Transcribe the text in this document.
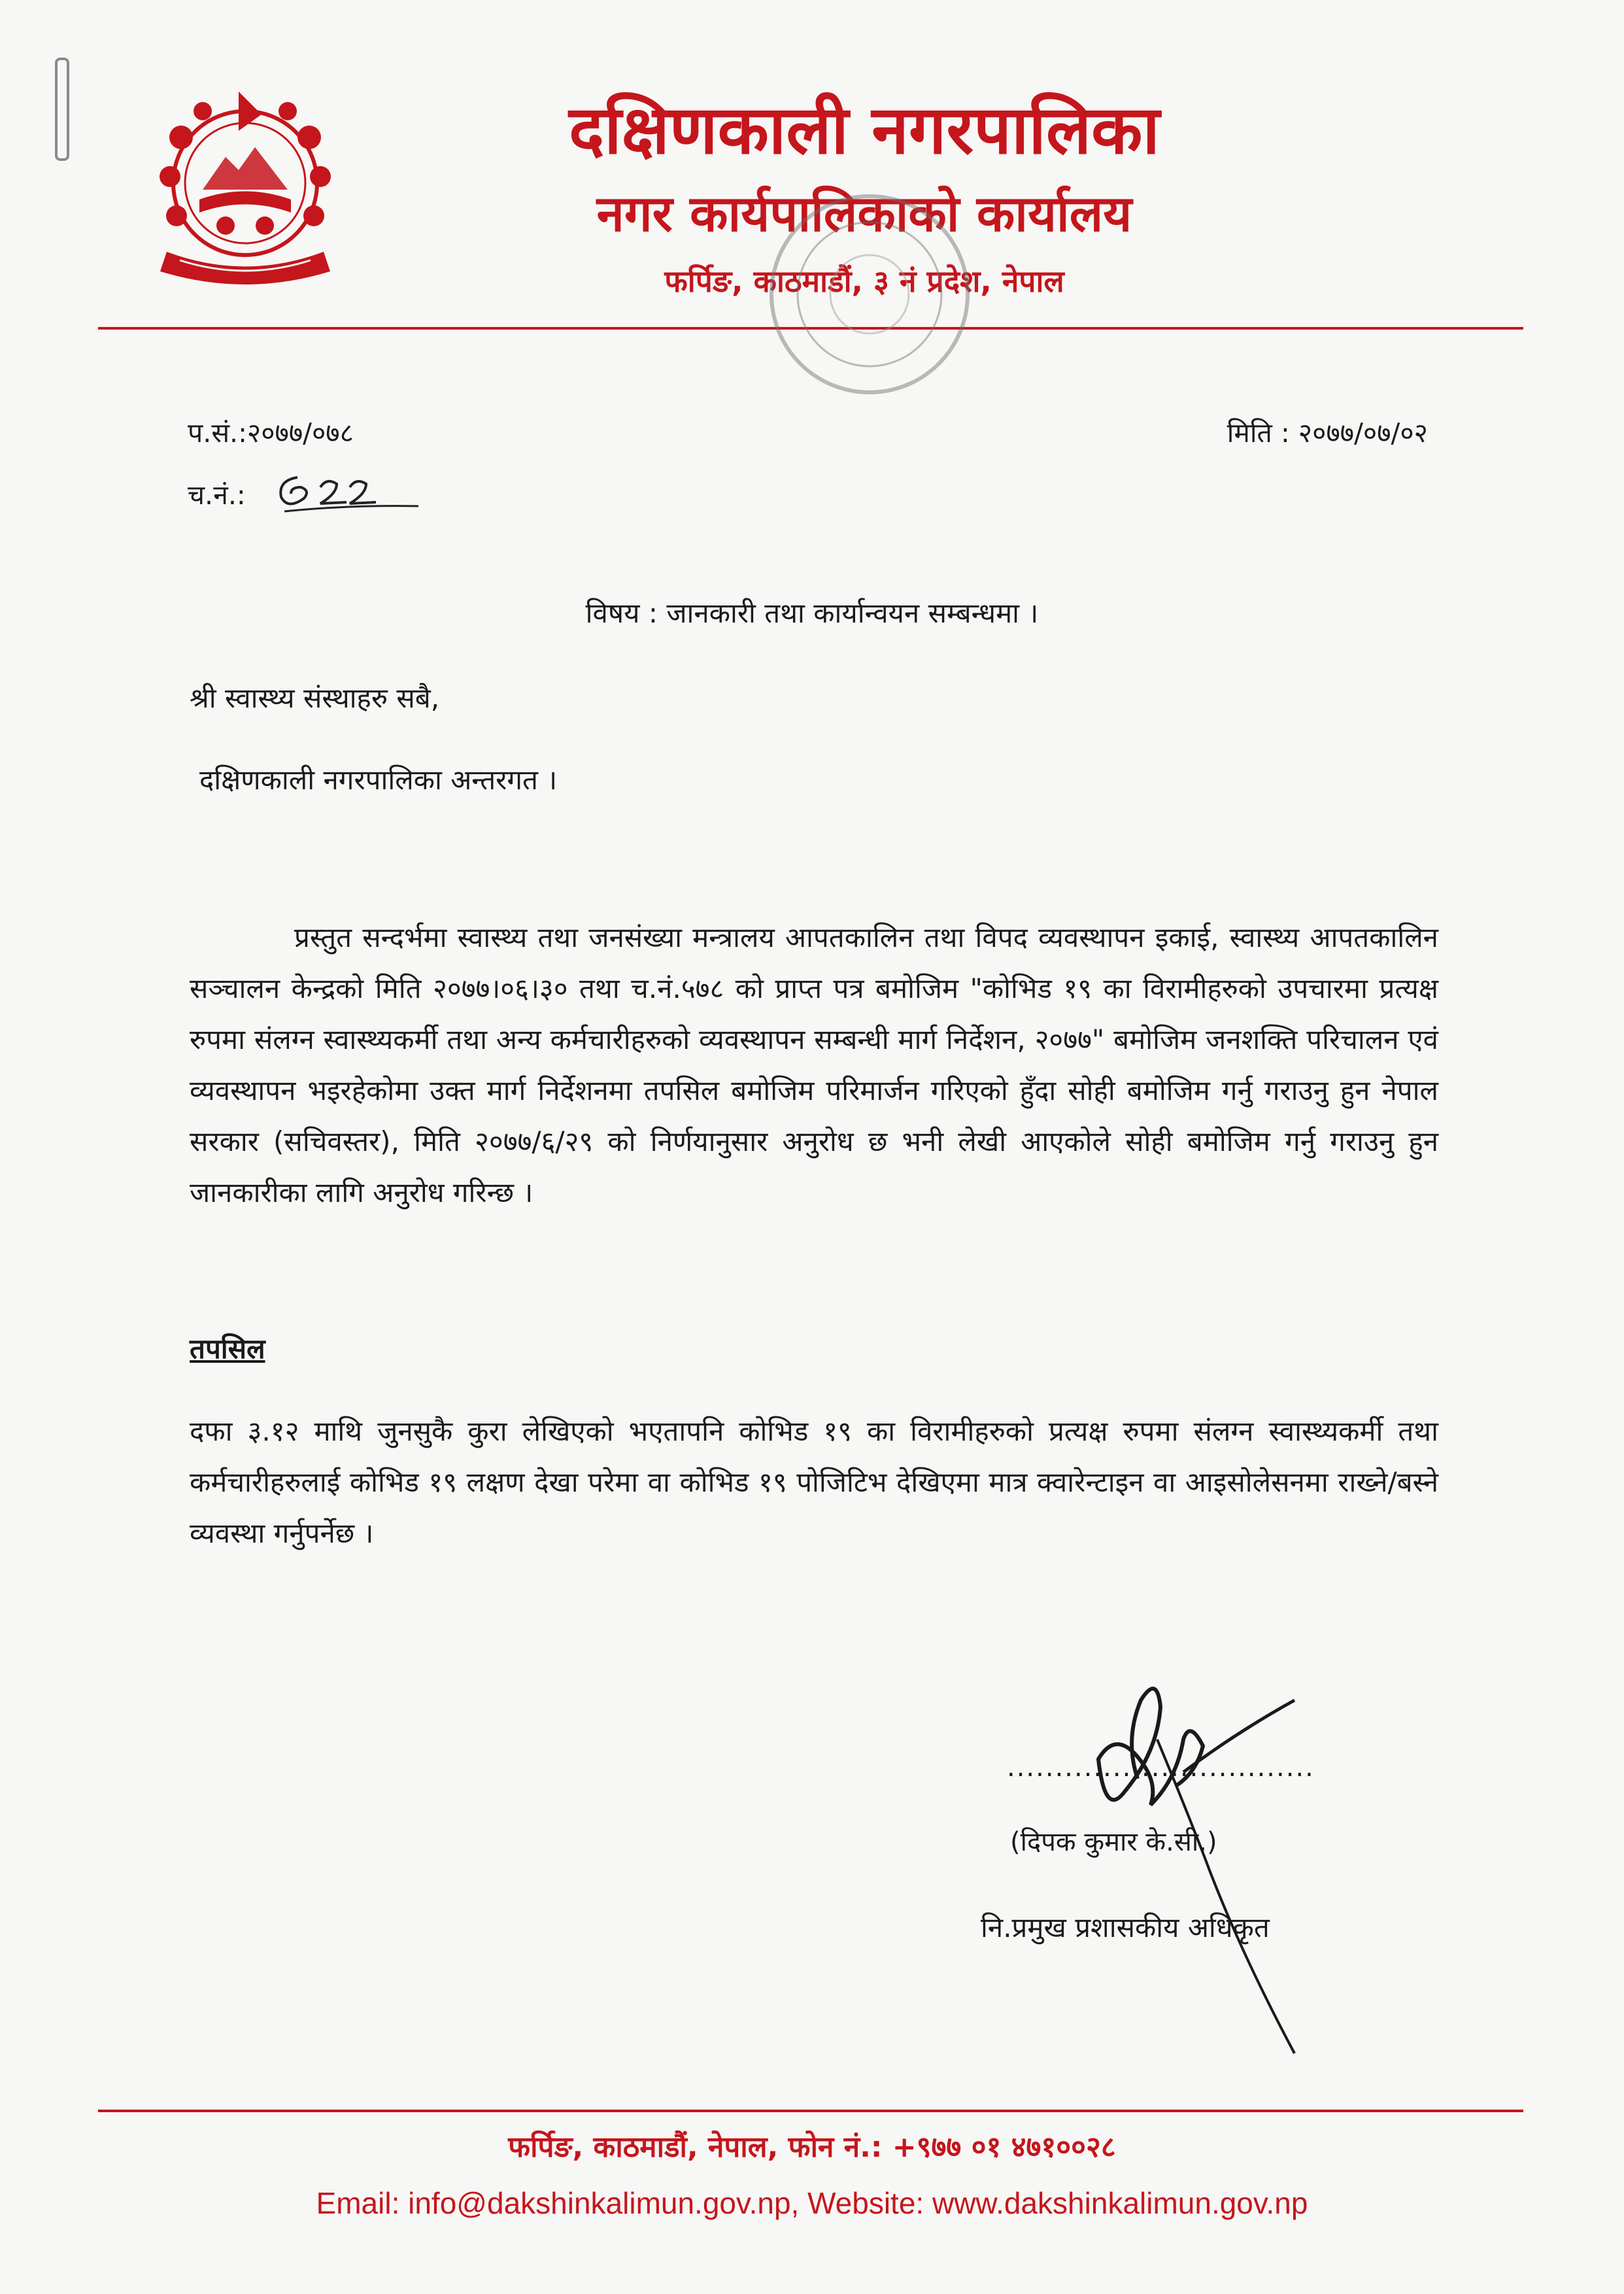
दक्षिणकाली नगरपालिका
नगर कार्यपालिकाको कार्यालय
फर्पिङ, काठमाडौं, ३ नं प्रदेश, नेपाल
प.सं.:२०७७/०७८	मिति : २०७७/०७/०२
च.नं.:
विषय : जानकारी तथा कार्यान्वयन सम्बन्धमा ।
श्री स्वास्थ्य संस्थाहरु सबै,
दक्षिणकाली नगरपालिका अन्तरगत ।
प्रस्तुत सन्दर्भमा स्वास्थ्य तथा जनसंख्या मन्त्रालय आपतकालिन तथा विपद व्यवस्थापन इकाई, स्वास्थ्य आपतकालिन सञ्चालन केन्द्रको मिति २०७७।०६।३० तथा च.नं.५७८ को प्राप्त पत्र बमोजिम "कोभिड १९ का विरामीहरुको उपचारमा प्रत्यक्ष रुपमा संलग्न स्वास्थ्यकर्मी तथा अन्य कर्मचारीहरुको व्यवस्थापन सम्बन्धी मार्ग निर्देशन, २०७७" बमोजिम जनशक्ति परिचालन एवं व्यवस्थापन भइरहेकोमा उक्त मार्ग निर्देशनमा तपसिल बमोजिम परिमार्जन गरिएको हुँदा सोही बमोजिम गर्नु गराउनु हुन नेपाल सरकार (सचिवस्तर), मिति २०७७/६/२९ को निर्णयानुसार अनुरोध छ भनी लेखी आएकोले सोही बमोजिम गर्नु गराउनु हुन जानकारीका लागि अनुरोध गरिन्छ ।
तपसिल
दफा ३.१२ माथि जुनसुकै कुरा लेखिएको भएतापनि कोभिड १९ का विरामीहरुको प्रत्यक्ष रुपमा संलग्न स्वास्थ्यकर्मी तथा कर्मचारीहरुलाई कोभिड १९ लक्षण देखा परेमा वा कोभिड १९ पोजिटिभ देखिएमा मात्र क्वारेन्टाइन वा आइसोलेसनमा राख्ने/बस्ने व्यवस्था गर्नुपर्नेछ ।
................................
(दिपक कुमार के.सी.)
नि.प्रमुख प्रशासकीय अधिकृत
फर्पिङ, काठमाडौं, नेपाल, फोन नं.: +९७७ ०१ ४७१००२८
Email: info@dakshinkalimun.gov.np, Website: www.dakshinkalimun.gov.np
